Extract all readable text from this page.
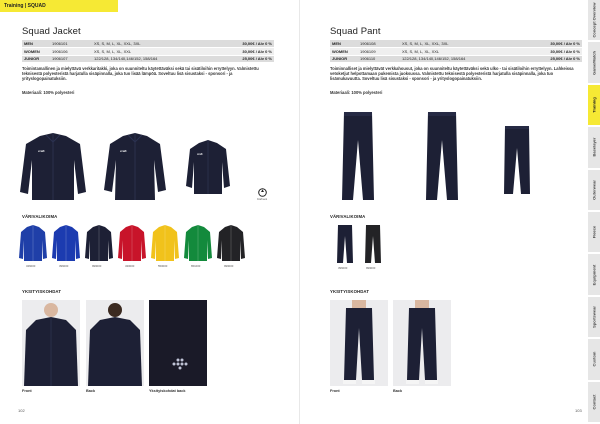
Training | SQUAD
Squad Jacket
MEN	1906101	XS, S, M, L, XL, XXL, 3XL	30,00€ / Alv 0 %
WOMEN	1906106	XS, S, M, L, XL, XXL	30,00€ / Alv 0 %
JUNIOR	1906107	122/128, 134/140,146/152, 158/164	25,00€ / Alv 0 %
Toimintamallinen ja mielyttävä verkkaritakki, joka on suunniteltu käytettäväksi sekä tai sisätiloihin erryttelyyn. Valmistettu teknisestä polyesteristä harjatulla sisäpinnalla, joka tuo lisää lämpöä. Soveltuu lisä sisustaksi - sponsori - ja yrityslogopainatuksiin.
Materiaali: 100% polyesteri
craft	craft
craft
Craft eco
VÄRIVALIKOIMA
346000	396000	999000	430000	550000	651000	999000
YKSITYISKOHDAT
Front	Back	Yksityiskohdat back
102
Squad Pant
MEN	1906108	XS, S, M, L, XL, XXL, 3XL	30,00€ / Alv 0 %
WOMEN	1906109	XS, S, M, L, XL, XXL	30,00€ / Alv 0 %
JUNIOR	1906110	122/128, 134/140,146/152, 158/164	25,00€ / Alv 0 %
Toiminnalliset ja mielyttävät verkkahousut, joka on suunniteltu käytettäväksi sekä ulko - tai sisätiloihin erryttelyyn. Lahkeissa vetoketjut helpottamaan pukemista juoksussa. Valmistettu teknisestä polyesteristä harjatulla sisäpinnalla, joka tuo lisämukavuutta. Soveltuu lisä sisustaksi - sponsori - ja yrityslogopainatuksiin.
Materiaali: 100% polyesteri
VÄRIVALIKOIMA
396000	999000
YKSITYISKOHDAT
Front	Back
103
Concept Overview
Game/Match
Training
Baselayer
Outerwear
Fleece
Equipment
Sportswear
Custom
Contact
